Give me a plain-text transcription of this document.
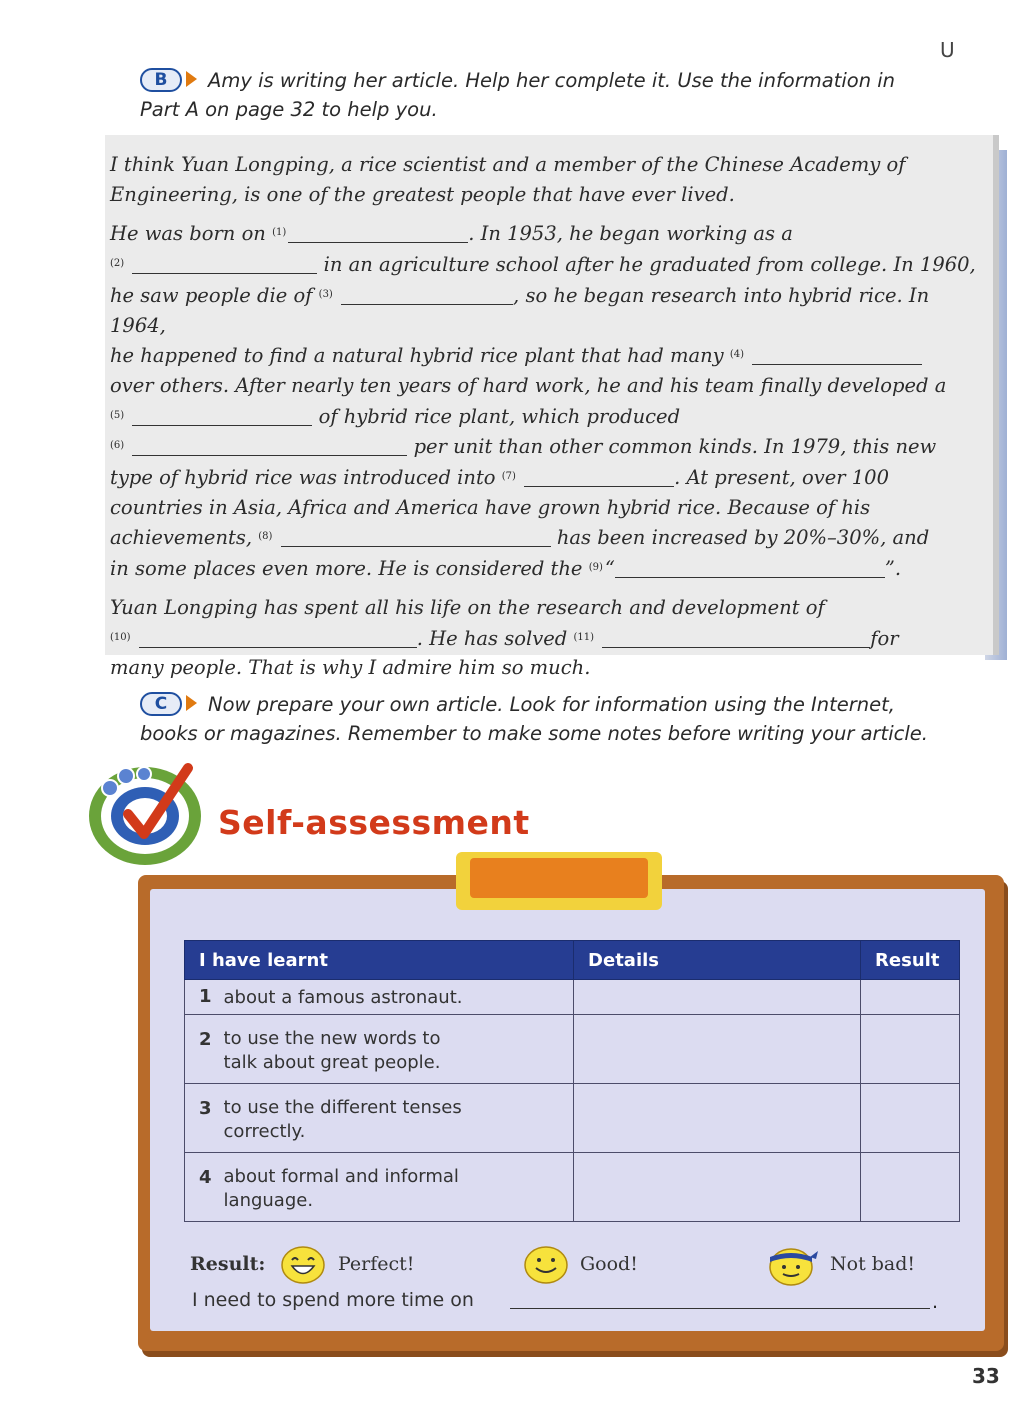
U
B	Amy is writing her article. Help her complete it. Use the information in
Part A on page 32 to help you.

I think Yuan Longping, a rice scientist and a member of the Chinese Academy of

Engineering, is one of the greatest people that have ever lived.

He was born on $^{(1)}$	. In 1953, he began working as a

$^{(2)}$	in an agriculture school after he graduated from college. In 1960,

he saw people die of $^{(3)}$	, so he began research into hybrid rice. In 1964,

he happened to find a natural hybrid rice plant that had many $^{(4)}$

over others. After nearly ten years of hard work, he and his team finally developed a

$^{(5)}$	of hybrid rice plant, which produced

$^{(6)}$	per unit than other common kinds. In 1979, this new

type of hybrid rice was introduced into $^{(7)}$	. At present, over 100

countries in Asia, Africa and America have grown hybrid rice. Because of his

achievements, $^{(8)}$	has been increased by 20%–30%, and

in some places even more. He is considered the $^{(9)}$ “	”.

Yuan Longping has spent all his life on the research and development of

$^{(10)}$	. He has solved $^{(11)}$	for

many people. That is why I admire him so much.

C	Now prepare your own article. Look for information using the Internet,
books or magazines. Remember to make some notes before writing your article.
Self-assessment
I have learnt		Details	Result
1	about a famous astronaut.		
2	to use the new words to
talk about great people.		
3	to use the different tenses
correctly.		
4	about formal and informal
language.		
Result:	Perfect!	Good!	Not bad!
I need to spend more time on	.
33
